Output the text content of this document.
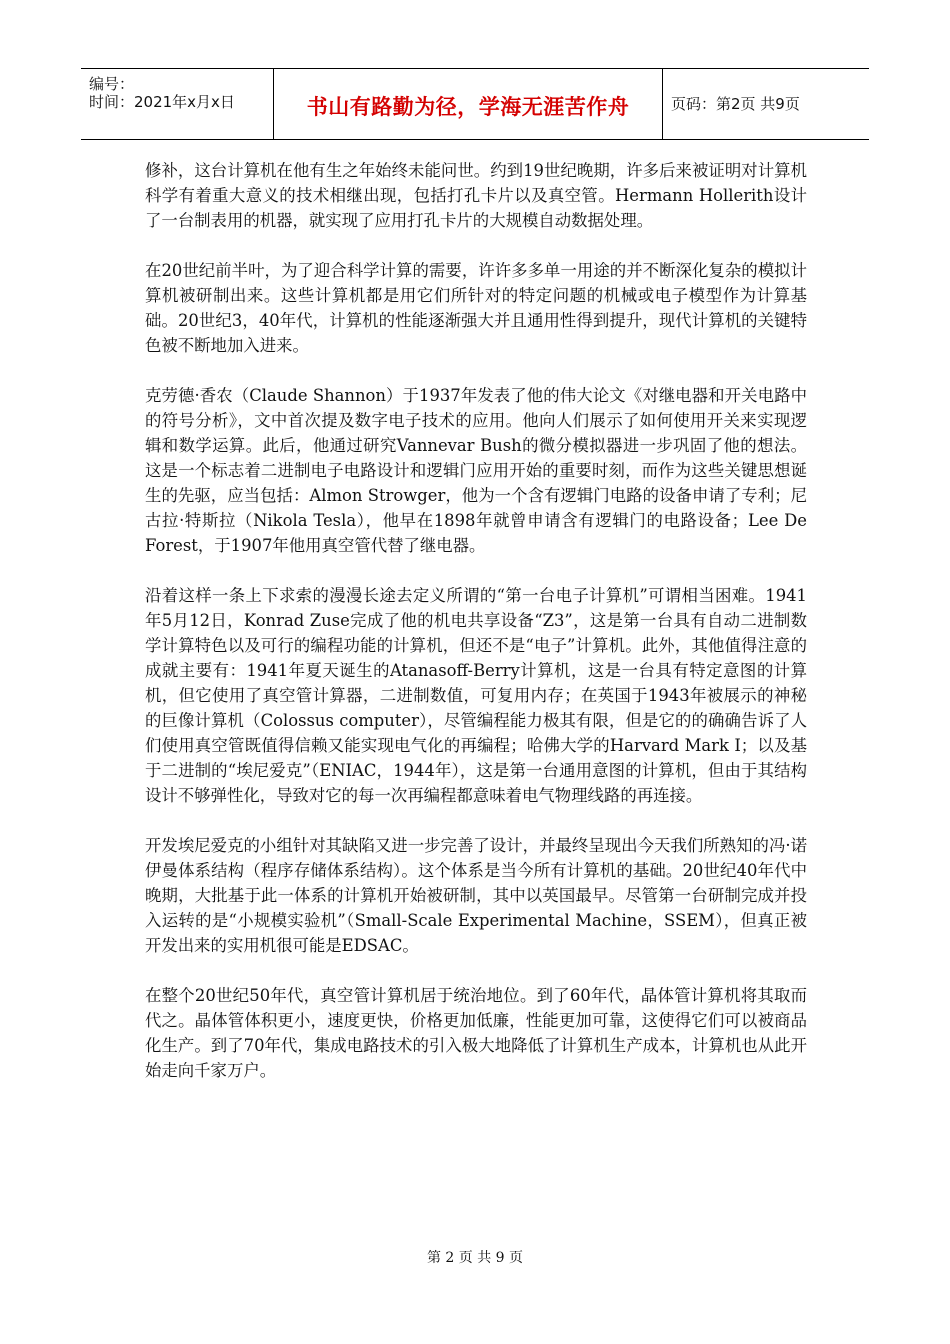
编号：
时间：2021年x月x日	书山有路勤为径，学海无涯苦作舟	页码：第2页 共9页

修补，这台计算机在他有生之年始终未能问世。约到19世纪晚期，许多后来被证明对计算机科学有着重大意义的技术相继出现，包括打孔卡片以及真空管。Hermann Hollerith设计了一台制表用的机器，就实现了应用打孔卡片的大规模自动数据处理。

在20世纪前半叶，为了迎合科学计算的需要，许许多多单一用途的并不断深化复杂的模拟计算机被研制出来。这些计算机都是用它们所针对的特定问题的机械或电子模型作为计算基础。20世纪3，40年代，计算机的性能逐渐强大并且通用性得到提升，现代计算机的关键特色被不断地加入进来。

克劳德·香农（Claude Shannon）于1937年发表了他的伟大论文《对继电器和开关电路中的符号分析》，文中首次提及数字电子技术的应用。他向人们展示了如何使用开关来实现逻辑和数学运算。此后，他通过研究Vannevar Bush的微分模拟器进一步巩固了他的想法。这是一个标志着二进制电子电路设计和逻辑门应用开始的重要时刻，而作为这些关键思想诞生的先驱，应当包括：Almon Strowger，他为一个含有逻辑门电路的设备申请了专利；尼古拉·特斯拉（Nikola Tesla），他早在1898年就曾申请含有逻辑门的电路设备；Lee De Forest，于1907年他用真空管代替了继电器。

沿着这样一条上下求索的漫漫长途去定义所谓的“第一台电子计算机”可谓相当困难。1941年5月12日，Konrad Zuse完成了他的机电共享设备“Z3”，这是第一台具有自动二进制数学计算特色以及可行的编程功能的计算机，但还不是“电子”计算机。此外，其他值得注意的成就主要有：1941年夏天诞生的Atanasoff-Berry计算机，这是一台具有特定意图的计算机，但它使用了真空管计算器，二进制数值，可复用内存；在英国于1943年被展示的神秘的巨像计算机（Colossus computer），尽管编程能力极其有限，但是它的的确确告诉了人们使用真空管既值得信赖又能实现电气化的再编程；哈佛大学的Harvard Mark I；以及基于二进制的“埃尼爱克”（ENIAC，1944年），这是第一台通用意图的计算机，但由于其结构设计不够弹性化，导致对它的每一次再编程都意味着电气物理线路的再连接。

开发埃尼爱克的小组针对其缺陷又进一步完善了设计，并最终呈现出今天我们所熟知的冯·诺伊曼体系结构（程序存储体系结构）。这个体系是当今所有计算机的基础。20世纪40年代中晚期，大批基于此一体系的计算机开始被研制，其中以英国最早。尽管第一台研制完成并投入运转的是“小规模实验机”（Small-Scale Experimental Machine，SSEM），但真正被开发出来的实用机很可能是EDSAC。

在整个20世纪50年代，真空管计算机居于统治地位。到了60年代，晶体管计算机将其取而代之。晶体管体积更小，速度更快，价格更加低廉，性能更加可靠，这使得它们可以被商品化生产。到了70年代，集成电路技术的引入极大地降低了计算机生产成本，计算机也从此开始走向千家万户。

第 2 页 共 9 页
